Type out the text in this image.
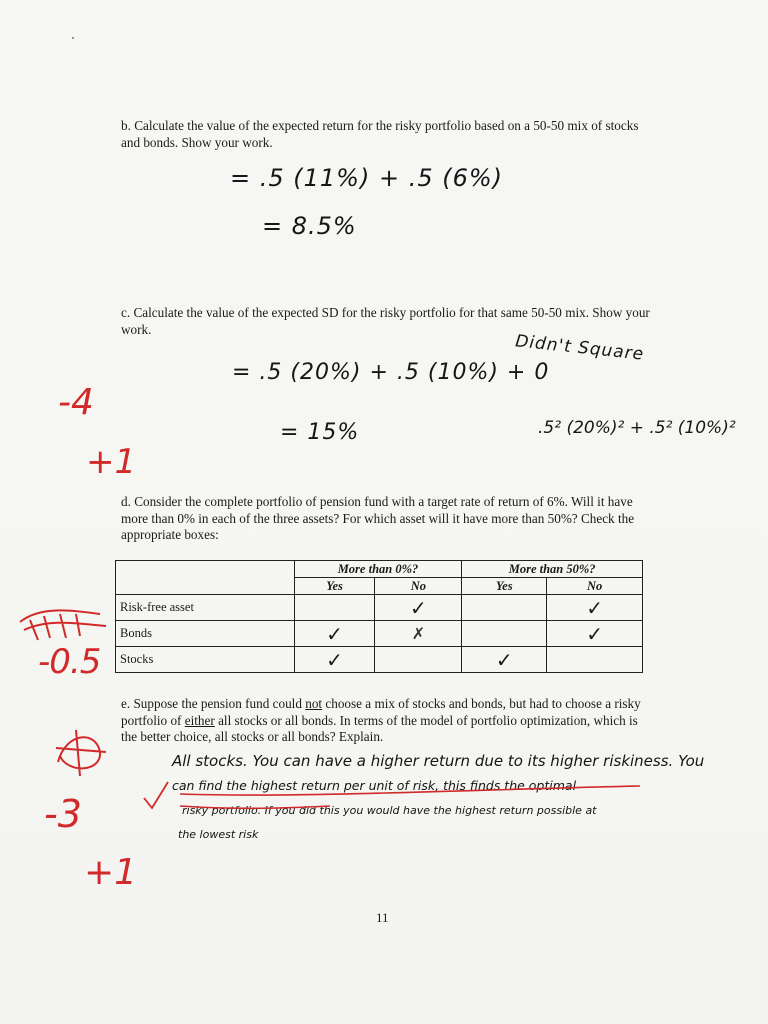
b. Calculate the value of the expected return for the risky portfolio based on a 50-50 mix of stocks and bonds. Show your work.
= .5 (11%) + .5 (6%)
= 8.5%
c. Calculate the value of the expected SD for the risky portfolio for that same 50-50 mix. Show your work.
= .5 (20%) + .5 (10%) + 0
= 15%
Didn't Square
.5² (20%)² + .5² (10%)²
-4
+1
d. Consider the complete portfolio of pension fund with a target rate of return of 6%. Will it have more than 0% in each of the three assets? For which asset will it have more than 50%? Check the appropriate boxes:
	More than 0%?		More than 50%?	
	Yes	No	Yes	No
Risk-free asset		✓		✓
Bonds	✓	✗		✓
Stocks	✓		✓	
-0.5
e. Suppose the pension fund could not choose a mix of stocks and bonds, but had to choose a risky portfolio of either all stocks or all bonds. In terms of the model of portfolio optimization, which is the better choice, all stocks or all bonds? Explain.
All stocks. You can have a higher return due to its higher riskiness. You
can find the highest return per unit of risk, this finds the optimal
risky portfolio. If you did this you would have the highest return possible at
the lowest risk
-3
+1
11
